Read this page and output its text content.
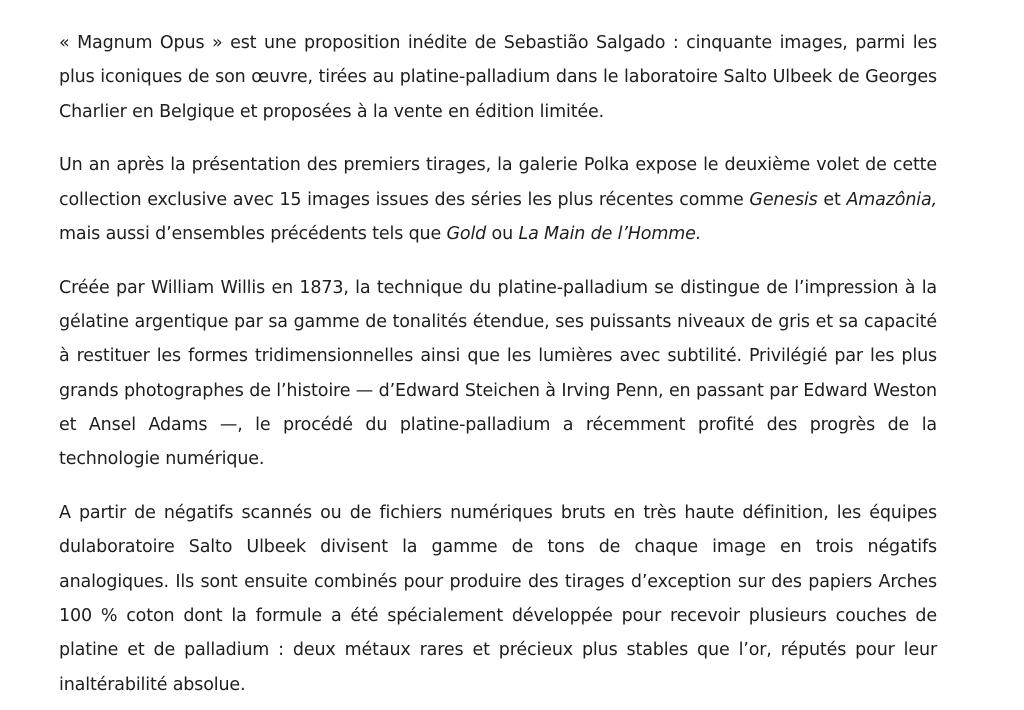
« Magnum Opus » est une proposition inédite de Sebastião Salgado : cinquante images, parmi les plus iconiques de son œuvre, tirées au platine-palladium dans le laboratoire Salto Ulbeek de Georges Charlier en Belgique et proposées à la vente en édition limitée.

Un an après la présentation des premiers tirages, la galerie Polka expose le deuxième volet de cette collection exclusive avec 15 images issues des séries les plus récentes comme Genesis et Amazônia, mais aussi d’ensembles précédents tels que Gold ou La Main de l’Homme.

Créée par William Willis en 1873, la technique du platine-palladium se distingue de l’impression à la gélatine argentique par sa gamme de tonalités étendue, ses puissants niveaux de gris et sa capacité à restituer les formes tridimensionnelles ainsi que les lumières avec subtilité. Privilégié par les plus grands photographes de l’histoire — d’Edward Steichen à Irving Penn, en passant par Edward Weston et Ansel Adams —, le procédé du platine-palladium a récemment profité des progrès de la technologie numérique.

A partir de négatifs scannés ou de fichiers numériques bruts en très haute définition, les équipes dulaboratoire Salto Ulbeek divisent la gamme de tons de chaque image en trois négatifs analogiques. Ils sont ensuite combinés pour produire des tirages d’exception sur des papiers Arches 100 % coton dont la formule a été spécialement développée pour recevoir plusieurs couches de platine et de palladium : deux métaux rares et précieux plus stables que l’or, réputés pour leur inaltérabilité absolue.
